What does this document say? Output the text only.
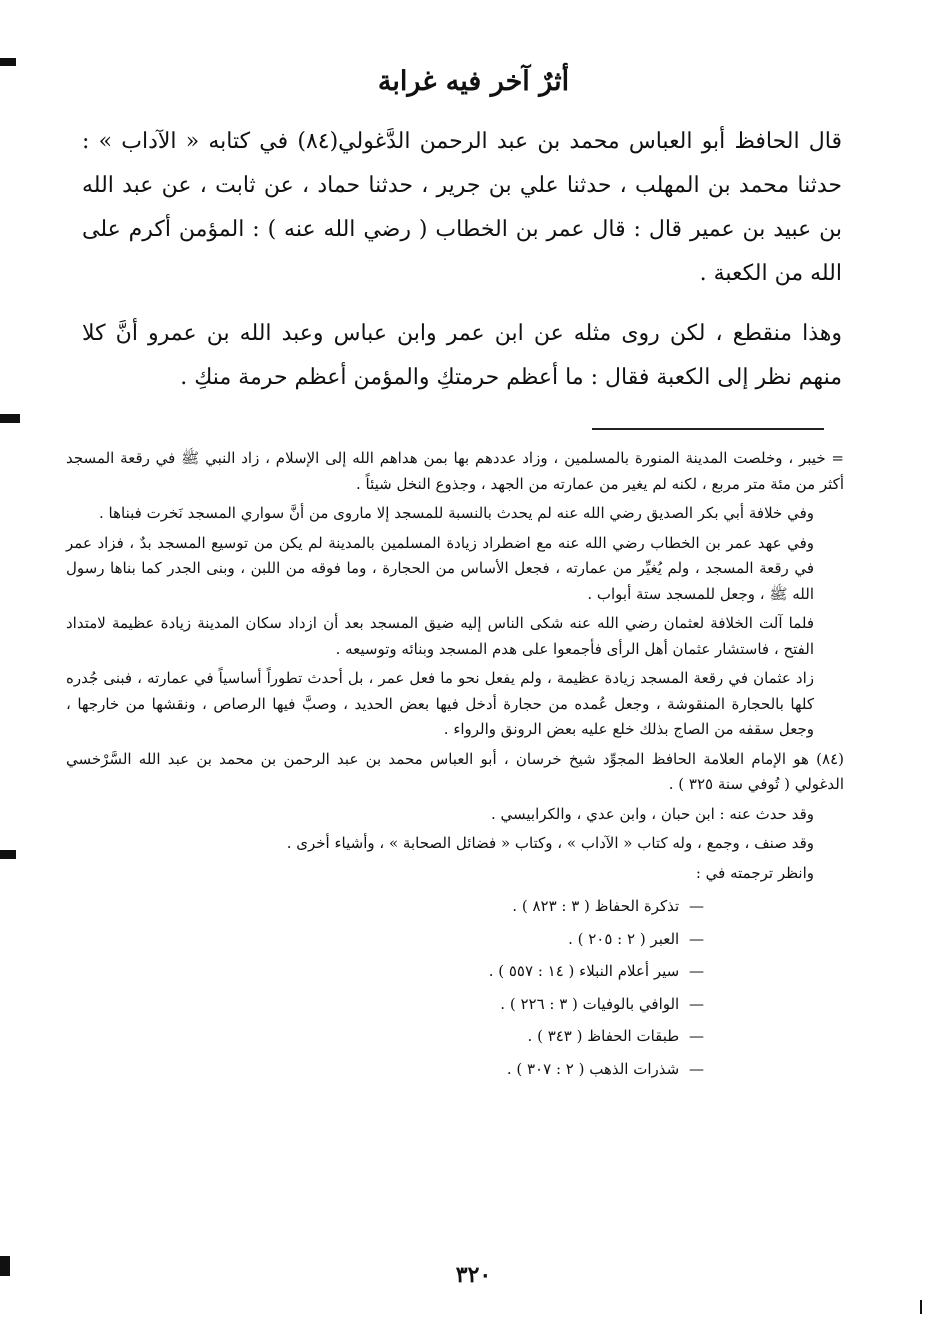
أثرٌ آخر فيه غرابة

قال الحافظ أبو العباس محمد بن عبد الرحمن الدَّغولي(٨٤) في كتابه « الآداب » : حدثنا محمد بن المهلب ، حدثنا علي بن جرير ، حدثنا حماد ، عن ثابت ، عن عبد الله بن عبيد بن عمير قال : قال عمر بن الخطاب ( رضي الله عنه ) : المؤمن أكرم على الله من الكعبة .

وهذا منقطع ، لكن روى مثله عن ابن عمر وابن عباس وعبد الله بن عمرو أنَّ كلا منهم نظر إلى الكعبة فقال : ما أعظم حرمتكِ والمؤمن أعظم حرمة منكِ .

= خيبر ، وخلصت المدينة المنورة بالمسلمين ، وزاد عددهم بها بمن هداهم الله إلى الإسلام ، زاد النبي ﷺ في رقعة المسجد أكثر من مئة متر مربع ، لكنه لم يغير من عمارته من الجهد ، وجذوع النخل شيئاً .

وفي خلافة أبي بكر الصديق رضي الله عنه لم يحدث بالنسبة للمسجد إلا ماروى من أنَّ سواري المسجد نَخرت فبناها .

وفي عهد عمر بن الخطاب رضي الله عنه مع اضطراد زيادة المسلمين بالمدينة لم يكن من توسيع المسجد بدٌ ، فزاد عمر في رقعة المسجد ، ولم يُغيِّر من عمارته ، فجعل الأساس من الحجارة ، وما فوقه من اللبن ، وبنى الجدر كما بناها رسول الله ﷺ ، وجعل للمسجد ستة أبواب .

فلما آلت الخلافة لعثمان رضي الله عنه شكى الناس إليه ضيق المسجد بعد أن ازداد سكان المدينة زيادة عظيمة لامتداد الفتح ، فاستشار عثمان أهل الرأى فأجمعوا على هدم المسجد وبنائه وتوسيعه .

زاد عثمان في رقعة المسجد زيادة عظيمة ، ولم يفعل نحو ما فعل عمر ، بل أحدث تطوراً أساسياً في عمارته ، فبنى جُدره كلها بالحجارة المنقوشة ، وجعل عُمده من حجارة أدخل فيها بعض الحديد ، وصبَّ فيها الرصاص ، ونقشها من خارجها ، وجعل سقفه من الصاج بذلك خلع عليه بعض الرونق والرواء .

(٨٤) هو الإمام العلامة الحافظ المجوِّد شيخ خرسان ، أبو العباس محمد بن عبد الرحمن بن محمد بن عبد الله السَّرْخسي الدغولي ( تُوفي سنة ٣٢٥ ) .

وقد حدث عنه : ابن حبان ، وابن عدي ، والكرابيسي .

وقد صنف ، وجمع ، وله كتاب « الآداب » ، وكتاب « فضائل الصحابة » ، وأشياء أخرى .

وانظر ترجمته في :

— تذكرة الحفاظ ( ٣ : ٨٢٣ ) .
— العبر ( ٢ : ٢٠٥ ) .
— سير أعلام النبلاء ( ١٤ : ٥٥٧ ) .
— الوافي بالوفيات ( ٣ : ٢٢٦ ) .
— طبقات الحفاظ ( ٣٤٣ ) .
— شذرات الذهب ( ٢ : ٣٠٧ ) .
٣٢٠
